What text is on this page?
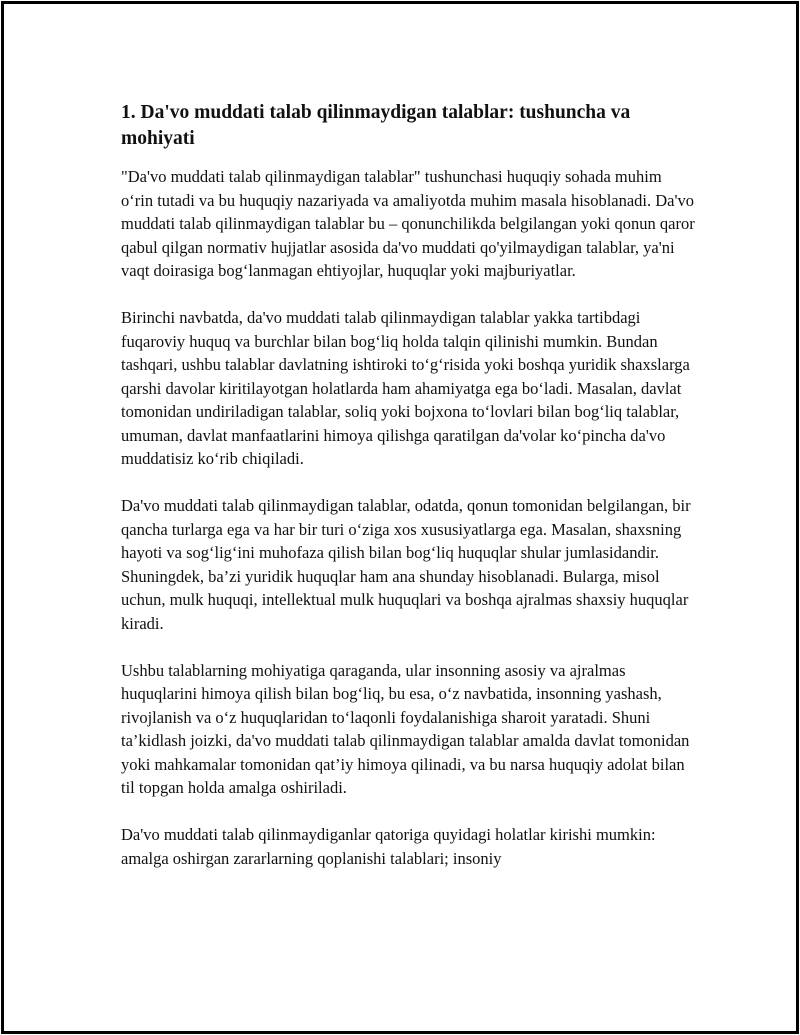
1. Da'vo muddati talab qilinmaydigan talablar: tushuncha va mohiyati

"Da'vo muddati talab qilinmaydigan talablar" tushunchasi huquqiy sohada muhim o‘rin tutadi va bu huquqiy nazariyada va amaliyotda muhim masala hisoblanadi. Da'vo muddati talab qilinmaydigan talablar bu – qonunchilikda belgilangan yoki qonun qaror qabul qilgan normativ hujjatlar asosida da'vo muddati qo'yilmaydigan talablar, ya'ni vaqt doirasiga bog‘lanmagan ehtiyojlar, huquqlar yoki majburiyatlar.

Birinchi navbatda, da'vo muddati talab qilinmaydigan talablar yakka tartibdagi fuqaroviy huquq va burchlar bilan bog‘liq holda talqin qilinishi mumkin. Bundan tashqari, ushbu talablar davlatning ishtiroki to‘g‘risida yoki boshqa yuridik shaxslarga qarshi davolar kiritilayotgan holatlarda ham ahamiyatga ega bo‘ladi. Masalan, davlat tomonidan undiriladigan talablar, soliq yoki bojxona to‘lovlari bilan bog‘liq talablar, umuman, davlat manfaatlarini himoya qilishga qaratilgan da'volar ko‘pincha da'vo muddatisiz ko‘rib chiqiladi.

Da'vo muddati talab qilinmaydigan talablar, odatda, qonun tomonidan belgilangan, bir qancha turlarga ega va har bir turi o‘ziga xos xususiyatlarga ega. Masalan, shaxsning hayoti va sog‘lig‘ini muhofaza qilish bilan bog‘liq huquqlar shular jumlasidandir. Shuningdek, ba’zi yuridik huquqlar ham ana shunday hisoblanadi. Bularga, misol uchun, mulk huquqi, intellektual mulk huquqlari va boshqa ajralmas shaxsiy huquqlar kiradi.

Ushbu talablarning mohiyatiga qaraganda, ular insonning asosiy va ajralmas huquqlarini himoya qilish bilan bog‘liq, bu esa, o‘z navbatida, insonning yashash, rivojlanish va o‘z huquqlaridan to‘laqonli foydalanishiga sharoit yaratadi. Shuni ta’kidlash joizki, da'vo muddati talab qilinmaydigan talablar amalda davlat tomonidan yoki mahkamalar tomonidan qat’iy himoya qilinadi, va bu narsa huquqiy adolat bilan til topgan holda amalga oshiriladi.

Da'vo muddati talab qilinmaydiganlar qatoriga quyidagi holatlar kirishi mumkin: amalga oshirgan zararlarning qoplanishi talablari; insoniy
